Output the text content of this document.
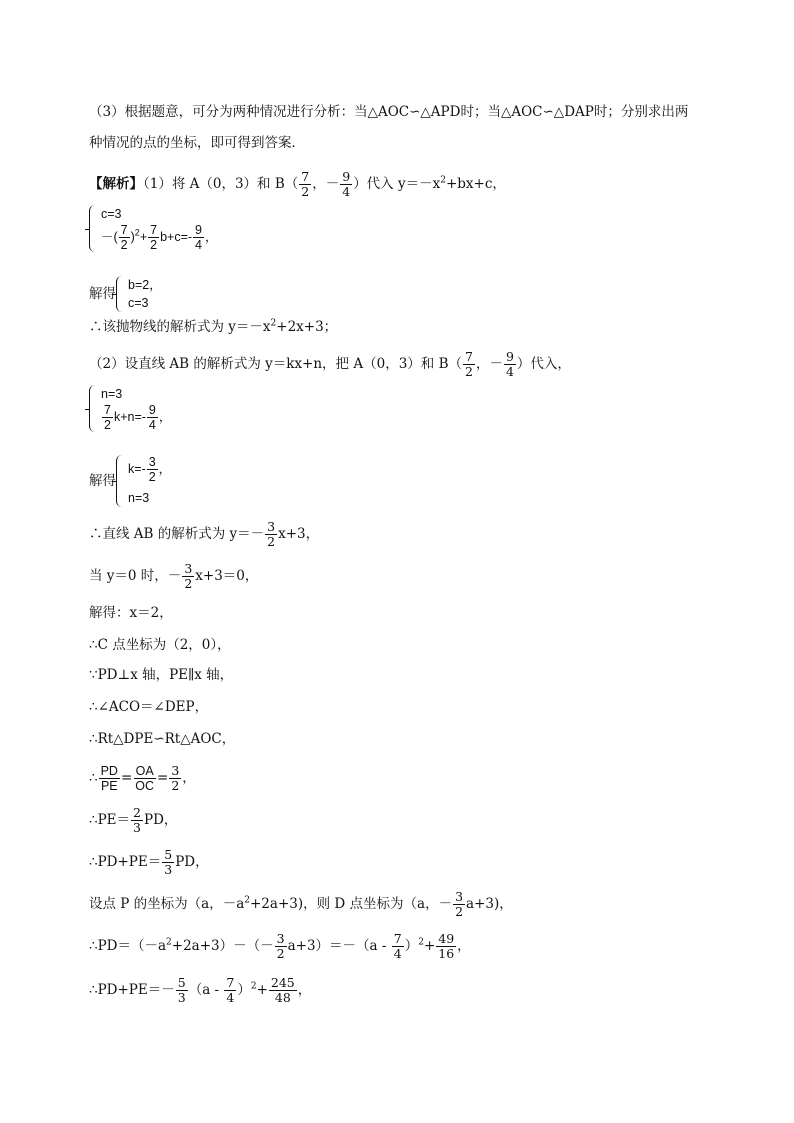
（3）根据题意，可分为两种情况进行分析：当△AOC∽△APD时；当△AOC∽△DAP时；分别求出两
种情况的点的坐标，即可得到答案．
【解析】（1）将 A（0，3）和 $B( \frac{7}{2}$ ，－ $\frac{9}{4}$ ）代入 $y=-x^2+bx+c$，
c=3
－( $\frac{7}{2} )^2+ \frac{7}{2} b+c=- \frac{9}{4}$ ，
解得
b=2，
c=3
∴该抛物线的解析式为 $y=-x^2+2x+3$；
（2）设直线 AB 的解析式为 y＝kx+n，把 A（0，3）和 $B( \frac{7}{2}$ ，－ $\frac{9}{4}$ ）代入，
n=3
$\frac{7}{2} k+n=- \frac{9}{4}$ ，
解得
$k=- \frac{3}{2}$ ，
n=3
∴直线 AB 的解析式为 $y=- \frac{3}{2} x+3$，
当 y＝0 时，－ $\frac{3}{2} x+3=0$，
解得：x＝2，
∴C 点坐标为（2，0），
∵PD⊥x 轴，PE∥x 轴，
∴∠ACO＝∠DEP，
∴Rt△DPE∽Rt△AOC，
∴ $\frac{PD}{PE} = \frac{OA}{OC} = \frac{3}{2}$ ，
∴PE＝ $\frac{2}{3}$ PD，
∴PD+PE＝ $\frac{5}{3}$ PD，
设点 P 的坐标为（a，$-a^2+2a+3$)，则 D 点坐标为（a，－ $\frac{3}{2} a+3$)，
$\therefore PD=(-a^2+2a+3)-(- \frac{3}{2} a+3)=-(a - \frac{7}{4} )^2+ \frac{49}{16}$ ，
∴PD+PE＝－ $\frac{5}{3} (a - \frac{7}{4} )^2+ \frac{245}{48}$ ，
